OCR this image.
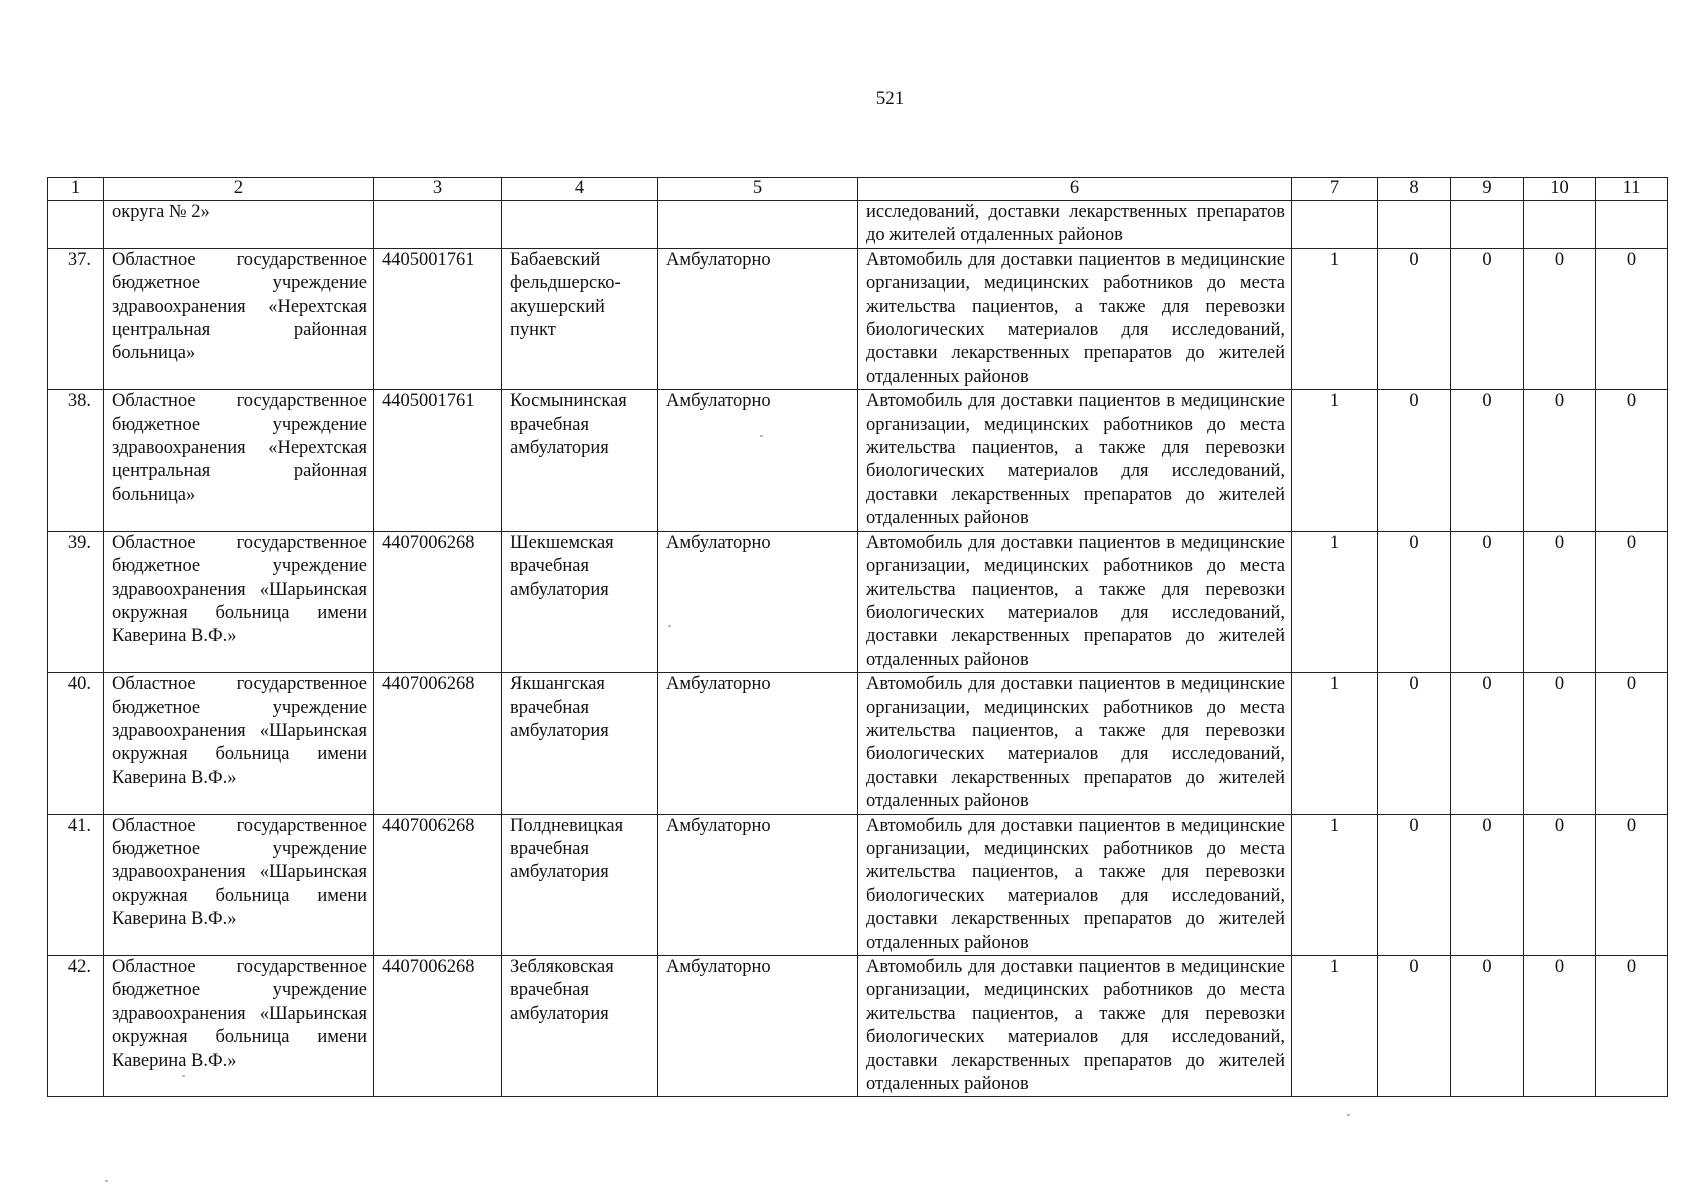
521
1	2	3	4	5	6	7	8	9	10	11
	округа № 2»				исследований, доставки лекарственных препаратов до жителей отдаленных районов					
37.	Областное государственное бюджетное учреждение здравоохранения «Нерехтская центральная районная больница»	4405001761	Бабаевский фельдшерско-акушерский пункт	Амбулаторно	Автомобиль для доставки пациентов в медицинские организации, медицинских работников до места жительства пациентов, а также для перевозки биологических материалов для исследований, доставки лекарственных препаратов до жителей отдаленных районов	1	0	0	0	0
38.	Областное государственное бюджетное учреждение здравоохранения «Нерехтская центральная районная больница»	4405001761	Космынинская врачебная амбулатория	Амбулаторно	Автомобиль для доставки пациентов в медицинские организации, медицинских работников до места жительства пациентов, а также для перевозки биологических материалов для исследований, доставки лекарственных препаратов до жителей отдаленных районов	1	0	0	0	0
39.	Областное государственное бюджетное учреждение здравоохранения «Шарьинская окружная больница имени Каверина В.Ф.»	4407006268	Шекшемская врачебная амбулатория	Амбулаторно	Автомобиль для доставки пациентов в медицинские организации, медицинских работников до места жительства пациентов, а также для перевозки биологических материалов для исследований, доставки лекарственных препаратов до жителей отдаленных районов	1	0	0	0	0
40.	Областное государственное бюджетное учреждение здравоохранения «Шарьинская окружная больница имени Каверина В.Ф.»	4407006268	Якшангская врачебная амбулатория	Амбулаторно	Автомобиль для доставки пациентов в медицинские организации, медицинских работников до места жительства пациентов, а также для перевозки биологических материалов для исследований, доставки лекарственных препаратов до жителей отдаленных районов	1	0	0	0	0
41.	Областное государственное бюджетное учреждение здравоохранения «Шарьинская окружная больница имени Каверина В.Ф.»	4407006268	Полдневицкая врачебная амбулатория	Амбулаторно	Автомобиль для доставки пациентов в медицинские организации, медицинских работников до места жительства пациентов, а также для перевозки биологических материалов для исследований, доставки лекарственных препаратов до жителей отдаленных районов	1	0	0	0	0
42.	Областное государственное бюджетное учреждение здравоохранения «Шарьинская окружная больница имени Каверина В.Ф.»	4407006268	Зебляковская врачебная амбулатория	Амбулаторно	Автомобиль для доставки пациентов в медицинские организации, медицинских работников до места жительства пациентов, а также для перевозки биологических материалов для исследований, доставки лекарственных препаратов до жителей отдаленных районов	1	0	0	0	0
